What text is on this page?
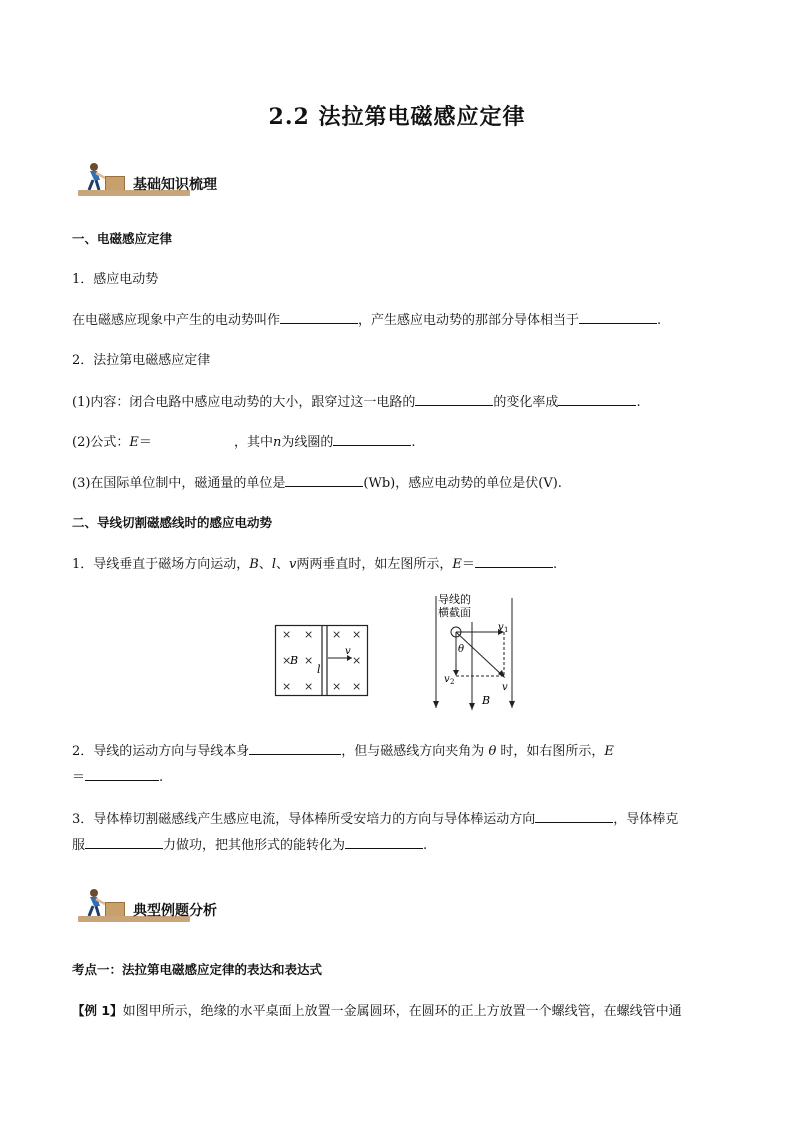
2.2 法拉第电磁感应定律
基础知识梳理
一、电磁感应定律
1．感应电动势
在电磁感应现象中产生的电动势叫作	，产生感应电动势的那部分导体相当于	.
2．法拉第电磁感应定律
(1)内容：闭合电路中感应电动势的大小，跟穿过这一电路的	的变化率成	.
(2)公式：E＝	，其中n为线圈的	.
(3)在国际单位制中，磁通量的单位是	(Wb)，感应电动势的单位是伏(V).
二、导线切割磁感线时的感应电动势
1．导线垂直于磁场方向运动，B、l、v两两垂直时，如左图所示，E＝	.
× × × ×
× ×	×
× × × ×
B
l
v
导线的
横截面
v 1
v 2	v
θ
B
2．导线的运动方向与导线本身	，但与磁感线方向夹角为 θ 时，如右图所示，E
＝	.
3．导体棒切割磁感线产生感应电流，导体棒所受安培力的方向与导体棒运动方向	，导体棒克
服	力做功，把其他形式的能转化为	.
典型例题分析
考点一：法拉第电磁感应定律的表达和表达式
【例 1】如图甲所示，绝缘的水平桌面上放置一金属圆环，在圆环的正上方放置一个螺线管，在螺线管中通
